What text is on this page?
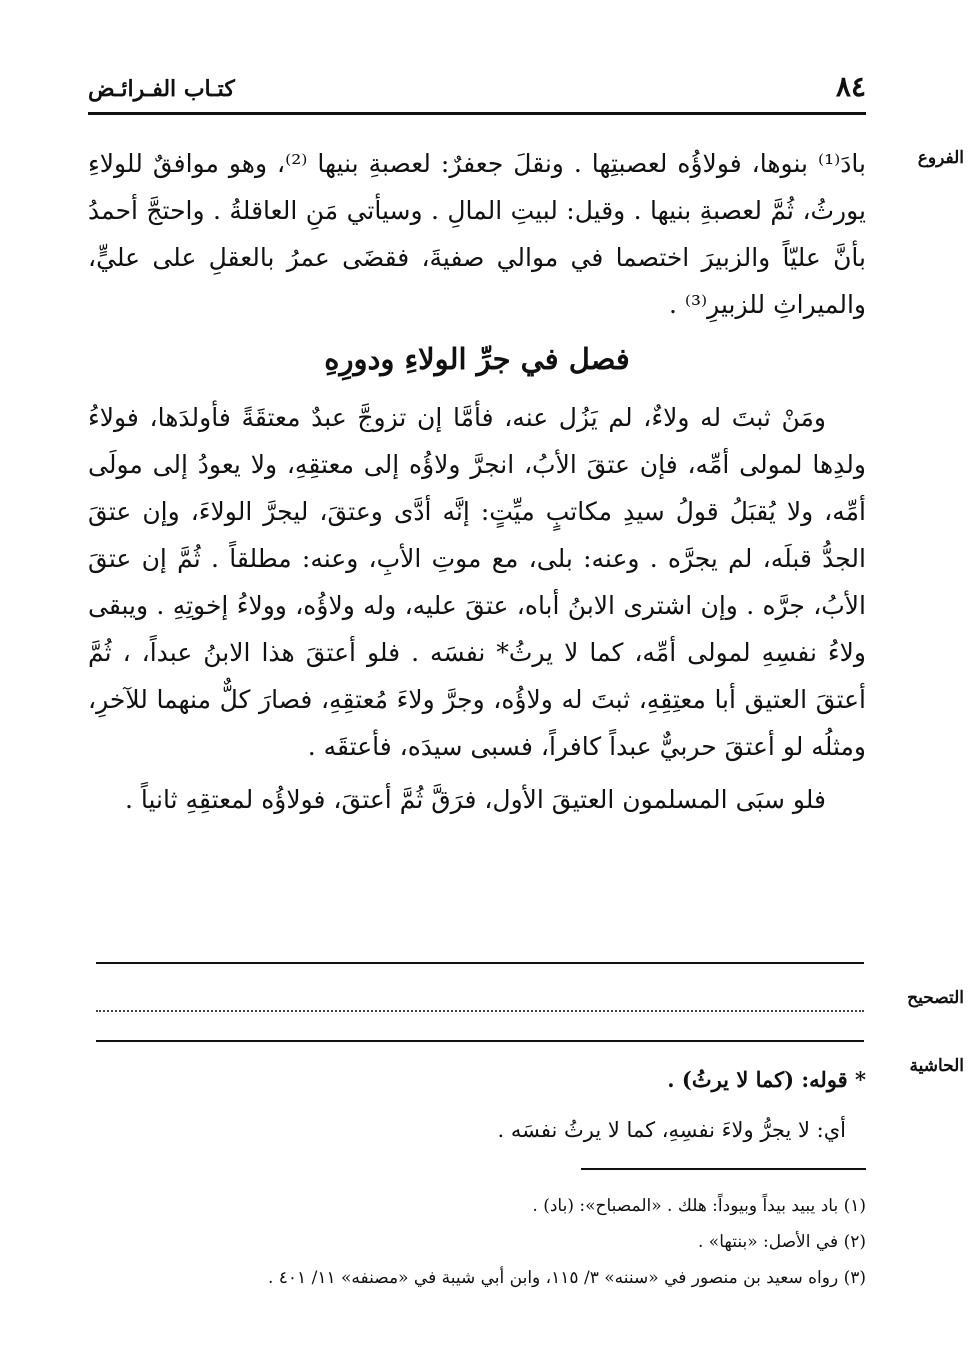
٨٤
كتـاب الفـرائـض
الفروع

بادَ⁽¹⁾ بنوها، فولاؤُه لعصبتِها . ونقلَ جعفرٌ: لعصبةِ بنيها ⁽²⁾، وهو موافقٌ للولاءِ يورثُ، ثُمَّ لعصبةِ بنيها . وقيل: لبيتِ المالِ . وسيأتي مَنِ العاقلةُ . واحتجَّ أحمدُ بأنَّ عليّاً والزبيرَ اختصما في موالي صفيةَ، فقضَى عمرُ بالعقلِ على عليٍّ، والميراثِ للزبيرِ⁽³⁾ .

فصل في جرِّ الولاءِ ودورِهِ

ومَنْ ثبتَ له ولاءٌ، لم يَزُل عنه، فأمَّا إن تزوجَّ عبدٌ معتقَةً فأولدَها، فولاءُ ولدِها لمولى أمِّه، فإن عتقَ الأبُ، انجرَّ ولاؤُه إلى معتقِهِ، ولا يعودُ إلى مولَى أمِّه، ولا يُقبَلُ قولُ سيدِ مكاتبٍ ميِّتٍ: إنَّه أدَّى وعتقَ، ليجرَّ الولاءَ، وإن عتقَ الجدُّ قبلَه، لم يجرَّه . وعنه: بلى، مع موتِ الأبِ، وعنه: مطلقاً . ثُمَّ إن عتقَ الأبُ، جرَّه . وإن اشترى الابنُ أباه، عتقَ عليه، وله ولاؤُه، وولاءُ إخوتِهِ . ويبقى ولاءُ نفسِهِ لمولى أمِّه، كما لا يرثُ* نفسَه . فلو أعتقَ هذا الابنُ عبداً، ، ثُمَّ أعتقَ العتيق أبا معتِقِهِ، ثبتَ له ولاؤُه، وجرَّ ولاءَ مُعتقِهِ، فصارَ كلٌّ منهما للآخرِ، ومثلُه لو أعتقَ حربيٌّ عبداً كافراً، فسبى سيدَه، فأعتقَه .

فلو سبَى المسلمون العتيقَ الأول، فرَقَّ ثُمَّ أعتقَ، فولاؤُه لمعتقِهِ ثانياً .

التصحيح
الحاشية
* قوله: (كما لا يرثُ) .
أي: لا يجرُّ ولاءَ نفسِهِ، كما لا يرثُ نفسَه .

(١) باد يبيد بيداً وبيوداً: هلك . «المصباح»: (باد) .

(٢) في الأصل: «بنتها» .

(٣) رواه سعيد بن منصور في «سننه» ٣/ ١١٥، وابن أبي شيبة في «مصنفه» ١١/ ٤٠١ .
